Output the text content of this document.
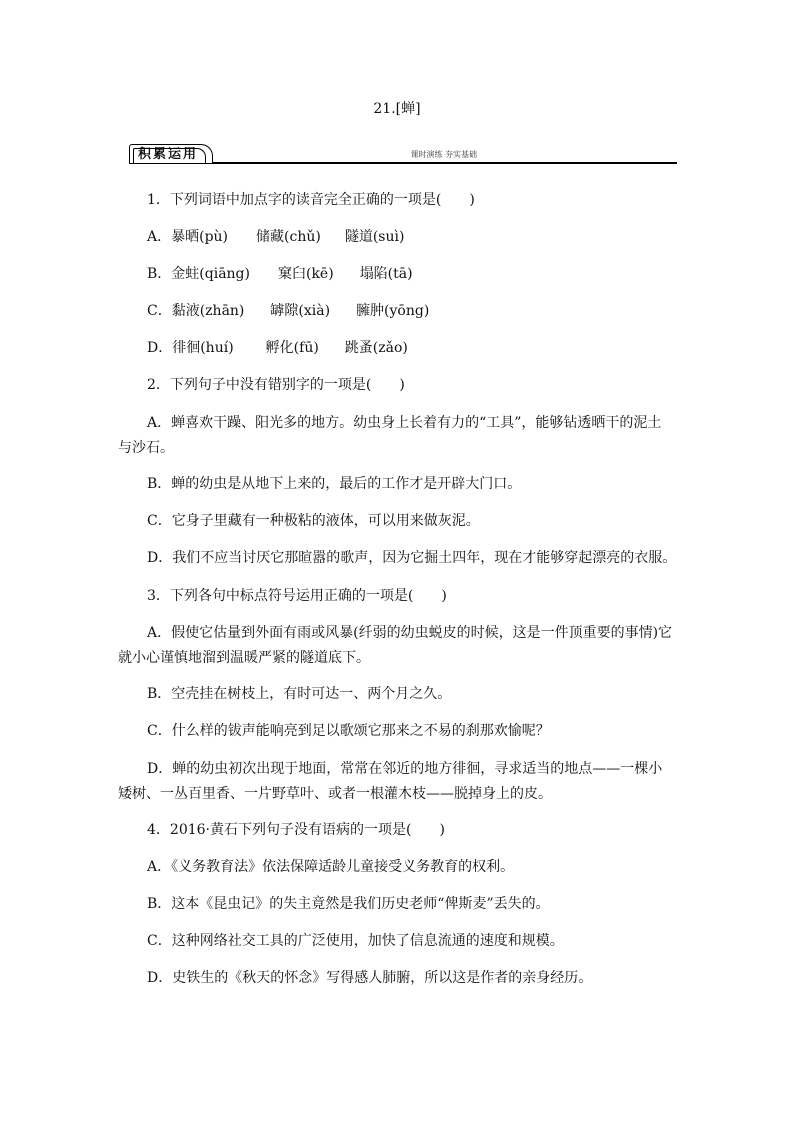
21.[蝉]
积累运用	课时演练 夯实基础
1．下列词语中加点字的读音完全正确的一项是(　　)
A．暴晒(pù) 储藏(chǔ) 隧道(suì)
B．金蛀(qiāng) 窠臼(kē) 塌陷(tā)
C．黏液(zhān) 罅隙(xià) 臃肿(yōng)
D．徘徊(huí) 孵化(fū) 跳蚤(zǎo)
2．下列句子中没有错别字的一项是(　　)
A．蝉喜欢干躁、阳光多的地方。幼虫身上长着有力的“工具”，能够钻透晒干的泥土
与沙石。
B．蝉的幼虫是从地下上来的，最后的工作才是开辟大门口。
C．它身子里藏有一种极粘的液体，可以用来做灰泥。
D．我们不应当讨厌它那暄嚣的歌声，因为它掘土四年，现在才能够穿起漂亮的衣服。
3．下列各句中标点符号运用正确的一项是(　　)
A．假使它估量到外面有雨或风暴(纤弱的幼虫蜕皮的时候，这是一件顶重要的事情)它
就小心谨慎地溜到温暖严紧的隧道底下。
B．空壳挂在树枝上，有时可达一、两个月之久。
C．什么样的钹声能响亮到足以歌颂它那来之不易的刹那欢愉呢？
D．蝉的幼虫初次出现于地面，常常在邻近的地方徘徊，寻求适当的地点——一棵小
矮树、一丛百里香、一片野草叶、或者一根灌木枝——脱掉身上的皮。
4．2016·黄石下列句子没有语病的一项是(　　)
A．《义务教育法》依法保障适龄儿童接受义务教育的权利。
B．这本《昆虫记》的失主竟然是我们历史老师“俾斯麦”丢失的。
C．这种网络社交工具的广泛使用，加快了信息流通的速度和规模。
D．史铁生的《秋天的怀念》写得感人肺腑，所以这是作者的亲身经历。
